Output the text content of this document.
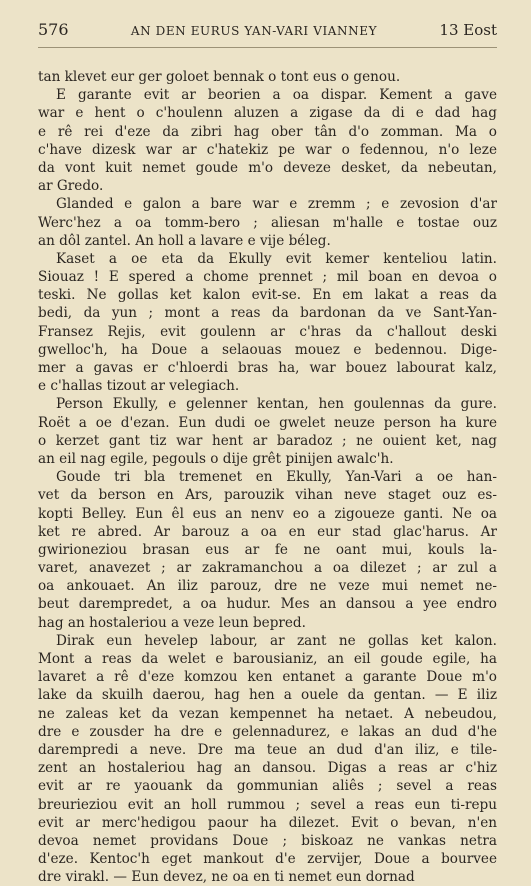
576	AN DEN EURUS YAN-VARI VIANNEY	13 Eost
tan klevet eur ger goloet bennak o tont eus o genou.
E garante evit ar beorien a oa dispar. Kement a gave
war e hent o c'houlenn aluzen a zigase da di e dad hag
e rê rei d'eze da zibri hag ober tân d'o zomman. Ma o
c'have dizesk war ar c'hatekiz pe war o fedennou, n'o leze
da vont kuit nemet goude m'o deveze desket, da nebeutan,
ar Gredo.
Glanded e galon a bare war e zremm ; e zevosion d'ar
Werc'hez a oa tomm-bero ; aliesan m'halle e tostae ouz
an dôl zantel. An holl a lavare e vije béleg.
Kaset a oe eta da Ekully evit kemer kenteliou latin.
Siouaz ! E spered a chome prennet ; mil boan en devoa o
teski. Ne gollas ket kalon evit-se. En em lakat a reas da
bedi, da yun ; mont a reas da bardonan da ve Sant-Yan-
Fransez Rejis, evit goulenn ar c'hras da c'hallout deski
gwelloc'h, ha Doue a selaouas mouez e bedennou. Dige-
mer a gavas er c'hloerdi bras ha, war bouez labourat kalz,
e c'hallas tizout ar velegiach.
Person Ekully, e gelenner kentan, hen goulennas da gure.
Roët a oe d'ezan. Eun dudi oe gwelet neuze person ha kure
o kerzet gant tiz war hent ar baradoz ; ne ouient ket, nag
an eil nag egile, pegouls o dije grêt pinijen awalc'h.
Goude tri bla tremenet en Ekully, Yan-Vari a oe han-
vet da berson en Ars, parouzik vihan neve staget ouz es-
kopti Belley. Eun êl eus an nenv eo a zigoueze ganti. Ne oa
ket re abred. Ar barouz a oa en eur stad glac'harus. Ar
gwirioneziou brasan eus ar fe ne oant mui, kouls la-
varet, anavezet ; ar zakramanchou a oa dilezet ; ar zul a
oa ankouaet. An iliz parouz, dre ne veze mui nemet ne-
beut darempredet, a oa hudur. Mes an dansou a yee endro
hag an hostaleriou a veze leun bepred.
Dirak eun hevelep labour, ar zant ne gollas ket kalon.
Mont a reas da welet e barousianiz, an eil goude egile, ha
lavaret a rê d'eze komzou ken entanet a garante Doue m'o
lake da skuilh daerou, hag hen a ouele da gentan. — E iliz
ne zaleas ket da vezan kempennet ha netaet. A nebeudou,
dre e zousder ha dre e gelennadurez, e lakas an dud d'he
darempredi a neve. Dre ma teue an dud d'an iliz, e tile-
zent an hostaleriou hag an dansou. Digas a reas ar c'hiz
evit ar re yaouank da gommunian aliês ; sevel a reas
breurieziou evit an holl rummou ; sevel a reas eun ti-repu
evit ar merc'hedigou paour ha dilezet. Evit o bevan, n'en
devoa nemet providans Doue ; biskoaz ne vankas netra
d'eze. Kentoc'h eget mankout d'e zervijer, Doue a bourvee
dre virakl. — Eun devez, ne oa en ti nemet eun dornad
